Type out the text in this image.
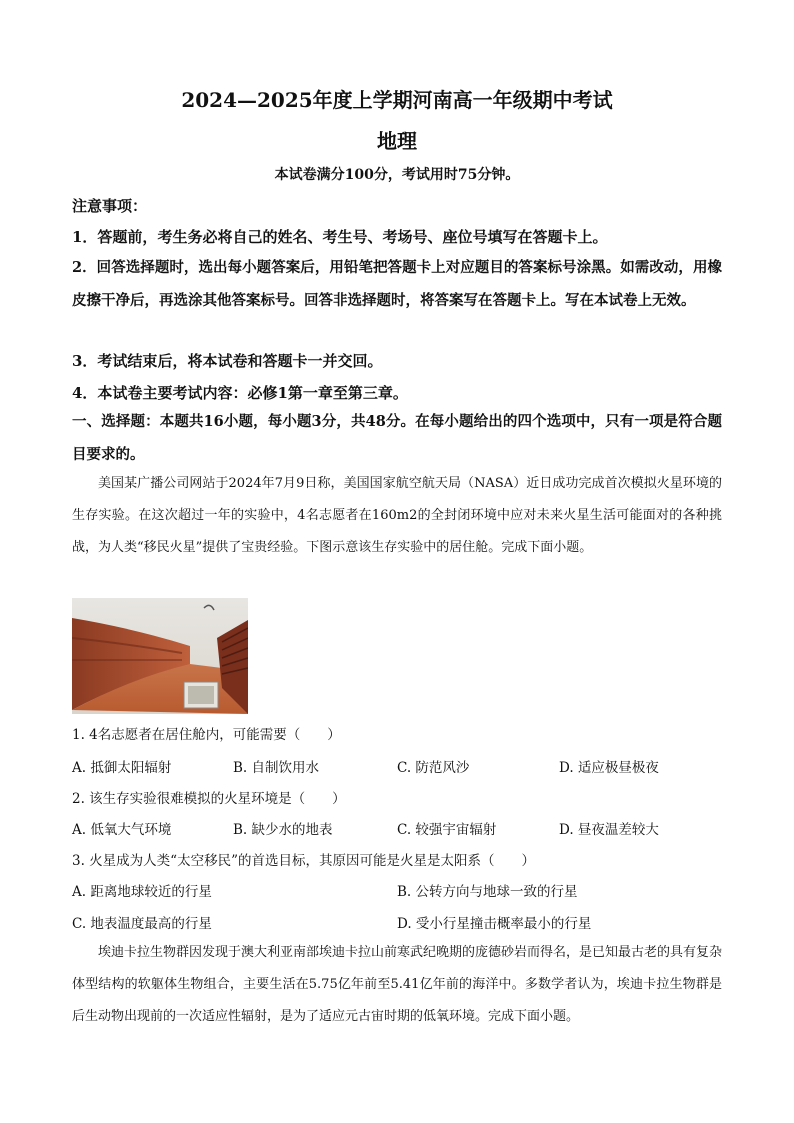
2024—2025年度上学期河南高一年级期中考试
地理
本试卷满分100分，考试用时75分钟。
注意事项：
1．答题前，考生务必将自己的姓名、考生号、考场号、座位号填写在答题卡上。
2．回答选择题时，选出每小题答案后，用铅笔把答题卡上对应题目的答案标号涂黑。如需改动，用橡皮擦干净后，再选涂其他答案标号。回答非选择题时，将答案写在答题卡上。写在本试卷上无效。
3．考试结束后，将本试卷和答题卡一并交回。
4．本试卷主要考试内容：必修1第一章至第三章。
一、选择题：本题共16小题，每小题3分，共48分。在每小题给出的四个选项中，只有一项是符合题目要求的。
美国某广播公司网站于2024年7月9日称，美国国家航空航天局（NASA）近日成功完成首次模拟火星环境的生存实验。在这次超过一年的实验中，4名志愿者在160m2的全封闭环境中应对未来火星生活可能面对的各种挑战，为人类“移民火星”提供了宝贵经验。下图示意该生存实验中的居住舱。完成下面小题。
1. 4名志愿者在居住舱内，可能需要（　　）
A. 抵御太阳辐射	B. 自制饮用水	C. 防范风沙	D. 适应极昼极夜
2. 该生存实验很难模拟的火星环境是（　　）
A. 低氧大气环境	B. 缺少水的地表	C. 较强宇宙辐射	D. 昼夜温差较大
3. 火星成为人类“太空移民”的首选目标，其原因可能是火星是太阳系（　　）
A. 距离地球较近的行星	B. 公转方向与地球一致的行星
C. 地表温度最高的行星	D. 受小行星撞击概率最小的行星
埃迪卡拉生物群因发现于澳大利亚南部埃迪卡拉山前寒武纪晚期的庞德砂岩而得名，是已知最古老的具有复杂体型结构的软躯体生物组合，主要生活在5.75亿年前至5.41亿年前的海洋中。多数学者认为，埃迪卡拉生物群是后生动物出现前的一次适应性辐射，是为了适应元古宙时期的低氧环境。完成下面小题。
